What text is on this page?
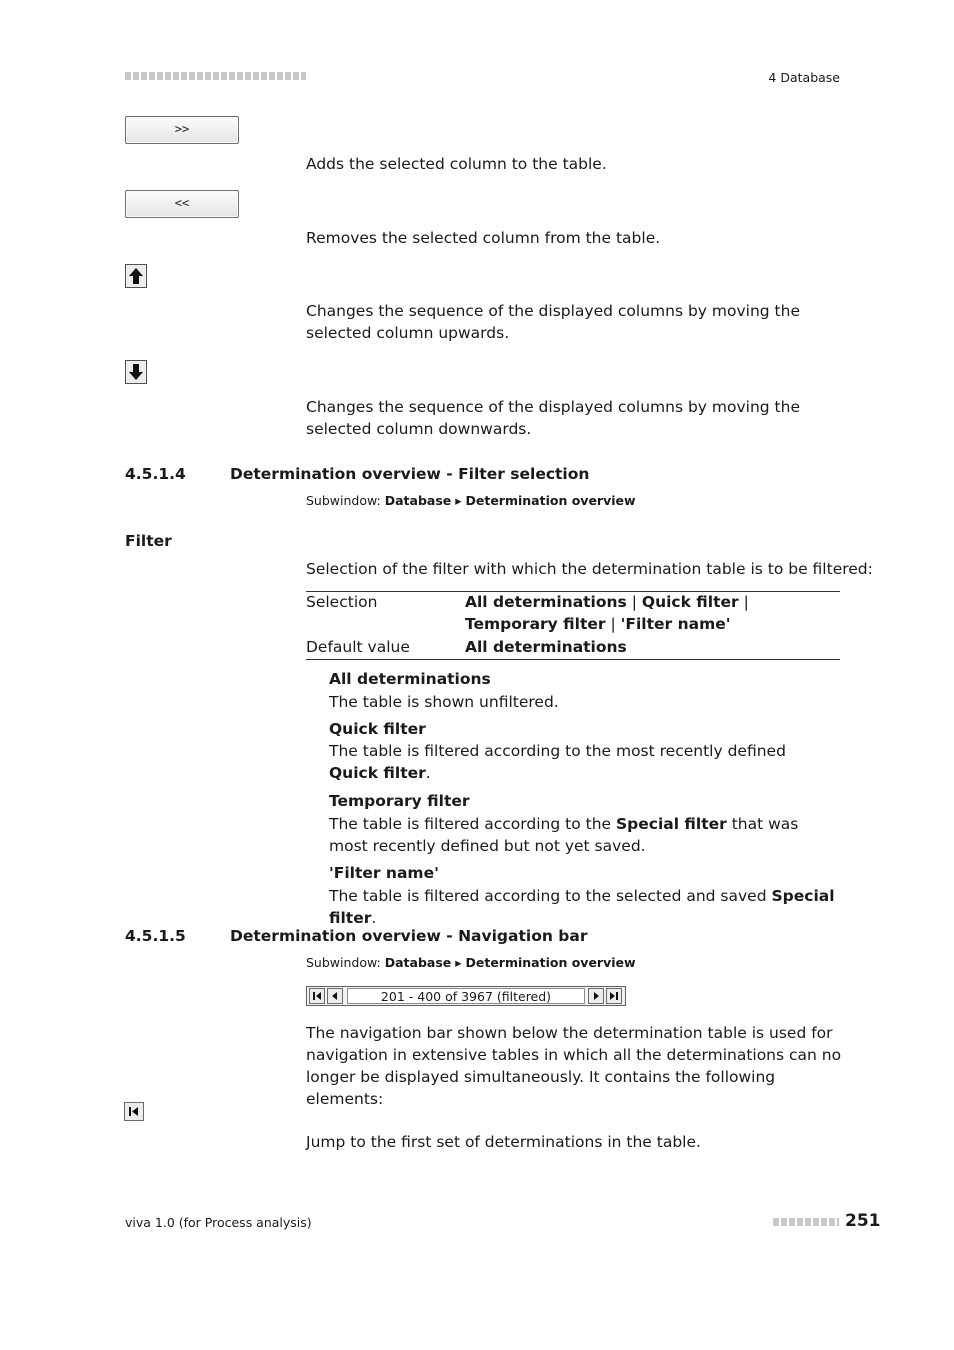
4 Database
>>
Adds the selected column to the table.
<<
Removes the selected column from the table.
Changes the sequence of the displayed columns by moving the selected column upwards.
Changes the sequence of the displayed columns by moving the selected column downwards.
4.5.1.4	Determination overview - Filter selection
Subwindow: Database ▸ Determination overview
Filter
Selection of the filter with which the determination table is to be filtered:
Selection	All determinations | Quick filter | Temporary filter | 'Filter name'
Default value	All determinations
All determinations
The table is shown unfiltered.
Quick filter
The table is filtered according to the most recently defined Quick filter.
Temporary filter
The table is filtered according to the Special filter that was most recently defined but not yet saved.
'Filter name'
The table is filtered according to the selected and saved Special filter.
4.5.1.5	Determination overview - Navigation bar
Subwindow: Database ▸ Determination overview
201 - 400 of 3967 (filtered)
The navigation bar shown below the determination table is used for navigation in extensive tables in which all the determinations can no longer be displayed simultaneously. It contains the following elements:
Jump to the first set of determinations in the table.
viva 1.0 (for Process analysis)	251
